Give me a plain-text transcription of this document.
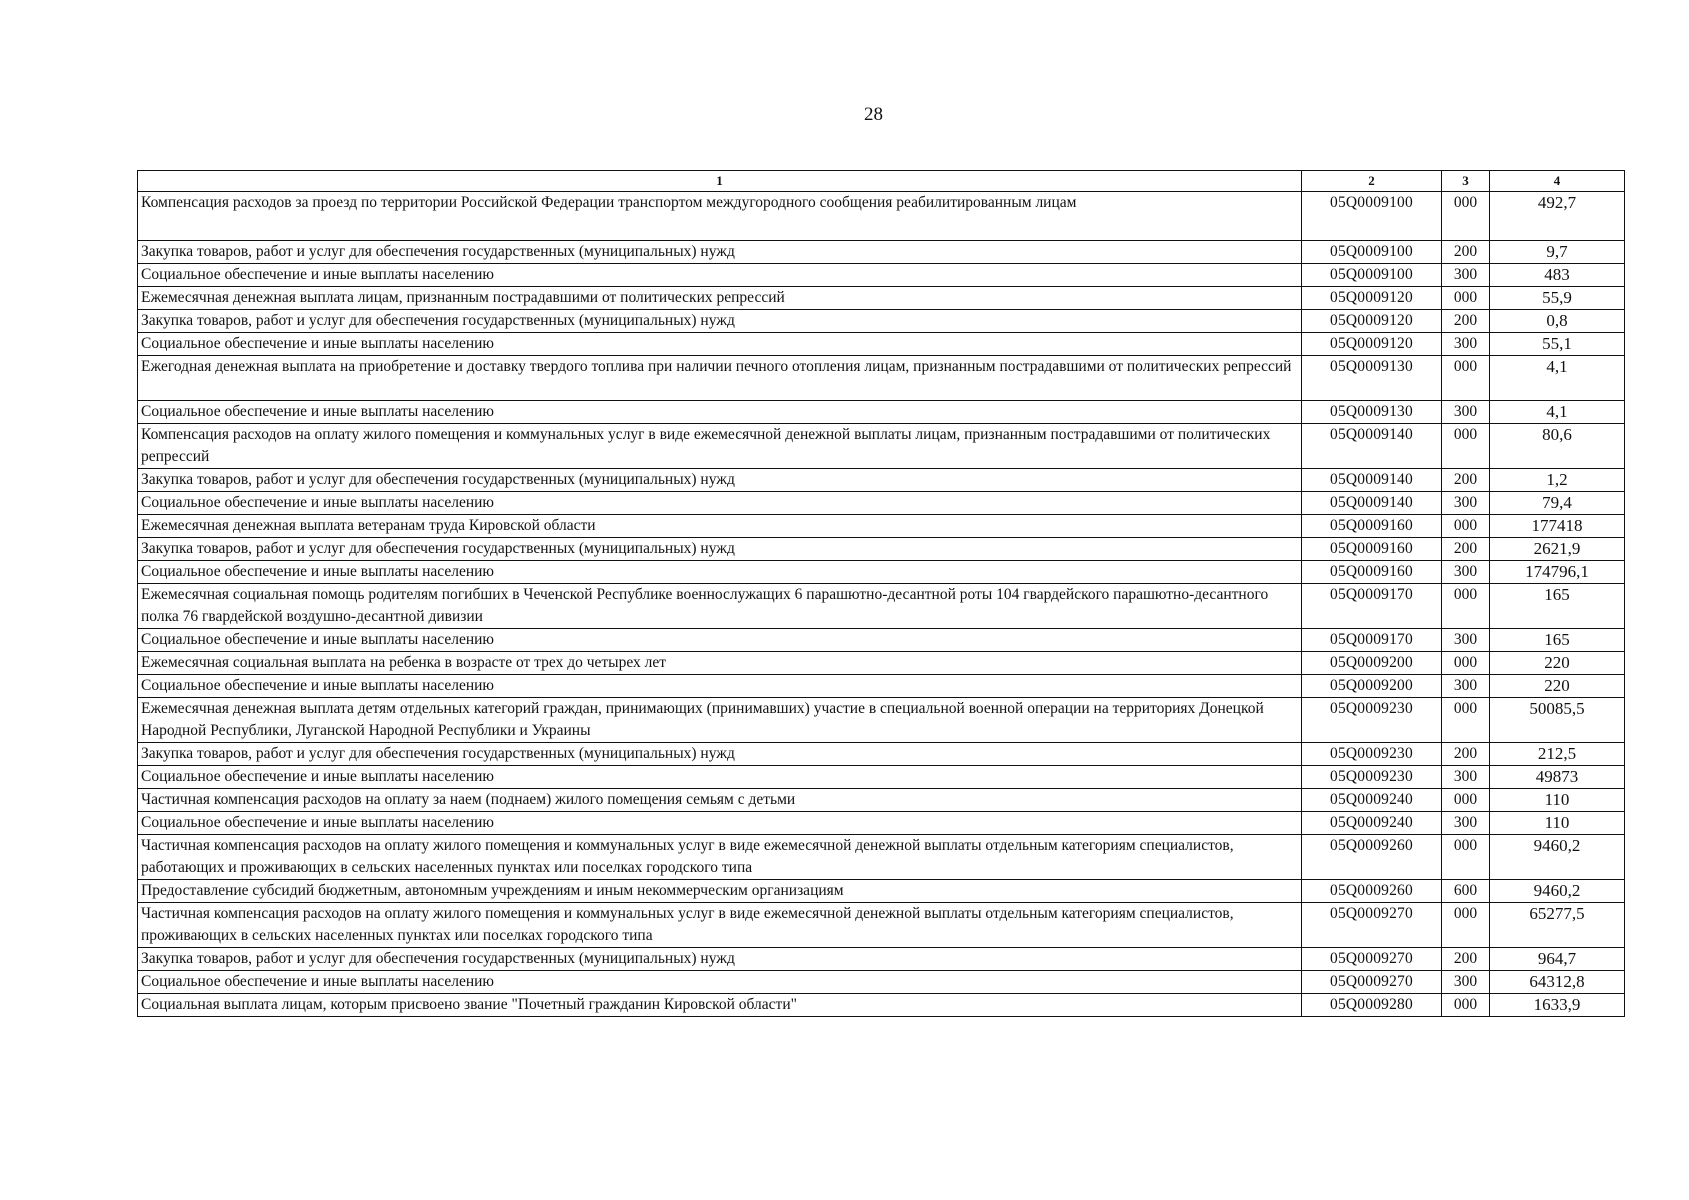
28
1	2	3	4
Компенсация расходов за проезд по территории Российской Федерации транспортом междугородного сообщения реабилитированным лицам	05Q0009100	000	492,7
Закупка товаров, работ и услуг для обеспечения государственных (муниципальных) нужд	05Q0009100	200	9,7
Социальное обеспечение и иные выплаты населению	05Q0009100	300	483
Ежемесячная денежная выплата лицам, признанным пострадавшими от политических репрессий	05Q0009120	000	55,9
Закупка товаров, работ и услуг для обеспечения государственных (муниципальных) нужд	05Q0009120	200	0,8
Социальное обеспечение и иные выплаты населению	05Q0009120	300	55,1
Ежегодная денежная выплата на приобретение и доставку твердого топлива при наличии печного отопления лицам, признанным пострадавшими от политических репрессий	05Q0009130	000	4,1
Социальное обеспечение и иные выплаты населению	05Q0009130	300	4,1
Компенсация расходов на оплату жилого помещения и коммунальных услуг в виде ежемесячной денежной выплаты лицам, признанным пострадавшими от политических репрессий	05Q0009140	000	80,6
Закупка товаров, работ и услуг для обеспечения государственных (муниципальных) нужд	05Q0009140	200	1,2
Социальное обеспечение и иные выплаты населению	05Q0009140	300	79,4
Ежемесячная денежная выплата ветеранам труда Кировской области	05Q0009160	000	177418
Закупка товаров, работ и услуг для обеспечения государственных (муниципальных) нужд	05Q0009160	200	2621,9
Социальное обеспечение и иные выплаты населению	05Q0009160	300	174796,1
Ежемесячная социальная помощь родителям погибших в Чеченской Республике военнослужащих 6 парашютно-десантной роты 104 гвардейского парашютно-десантного полка 76 гвардейской воздушно-десантной дивизии	05Q0009170	000	165
Социальное обеспечение и иные выплаты населению	05Q0009170	300	165
Ежемесячная социальная выплата на ребенка в возрасте от трех до четырех лет	05Q0009200	000	220
Социальное обеспечение и иные выплаты населению	05Q0009200	300	220
Ежемесячная денежная выплата детям отдельных категорий граждан, принимающих (принимавших) участие в специальной военной операции на территориях Донецкой Народной Республики, Луганской Народной Республики и Украины	05Q0009230	000	50085,5
Закупка товаров, работ и услуг для обеспечения государственных (муниципальных) нужд	05Q0009230	200	212,5
Социальное обеспечение и иные выплаты населению	05Q0009230	300	49873
Частичная компенсация расходов на оплату за наем (поднаем) жилого помещения семьям с детьми	05Q0009240	000	110
Социальное обеспечение и иные выплаты населению	05Q0009240	300	110
Частичная компенсация расходов на оплату жилого помещения и коммунальных услуг в виде ежемесячной денежной выплаты отдельным категориям специалистов, работающих и проживающих в сельских населенных пунктах или поселках городского типа	05Q0009260	000	9460,2
Предоставление субсидий бюджетным, автономным учреждениям и иным некоммерческим организациям	05Q0009260	600	9460,2
Частичная компенсация расходов на оплату жилого помещения и коммунальных услуг в виде ежемесячной денежной выплаты отдельным категориям специалистов, проживающих в сельских населенных пунктах или поселках городского типа	05Q0009270	000	65277,5
Закупка товаров, работ и услуг для обеспечения государственных (муниципальных) нужд	05Q0009270	200	964,7
Социальное обеспечение и иные выплаты населению	05Q0009270	300	64312,8
Социальная выплата лицам, которым присвоено звание "Почетный гражданин Кировской области"	05Q0009280	000	1633,9
